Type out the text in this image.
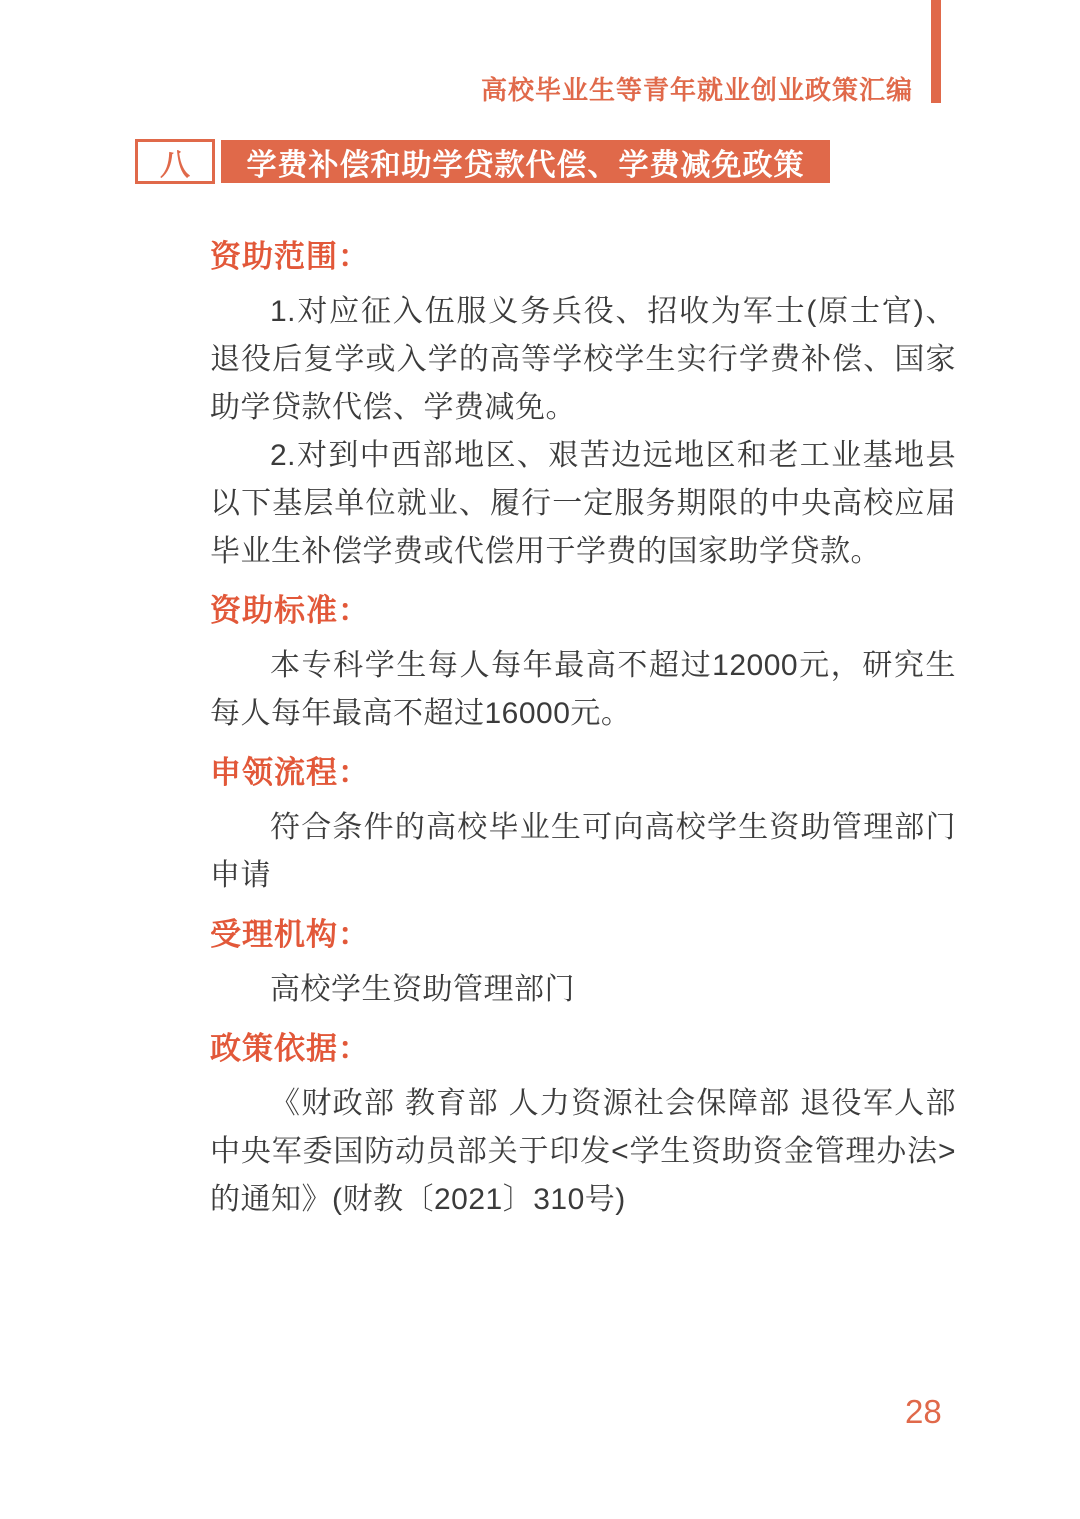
高校毕业生等青年就业创业政策汇编
八 学费补偿和助学贷款代偿、学费减免政策
资助范围：

1.对应征入伍服义务兵役、招收为军士(原士官)、退役后复学或入学的高等学校学生实行学费补偿、国家助学贷款代偿、学费减免。

2.对到中西部地区、艰苦边远地区和老工业基地县以下基层单位就业、履行一定服务期限的中央高校应届毕业生补偿学费或代偿用于学费的国家助学贷款。

资助标准：

本专科学生每人每年最高不超过12000元，研究生每人每年最高不超过16000元。

申领流程：

符合条件的高校毕业生可向高校学生资助管理部门申请

受理机构：

高校学生资助管理部门

政策依据：

《财政部 教育部 人力资源社会保障部 退役军人部 中央军委国防动员部关于印发<学生资助资金管理办法>的通知》(财教〔2021〕310号)

28
